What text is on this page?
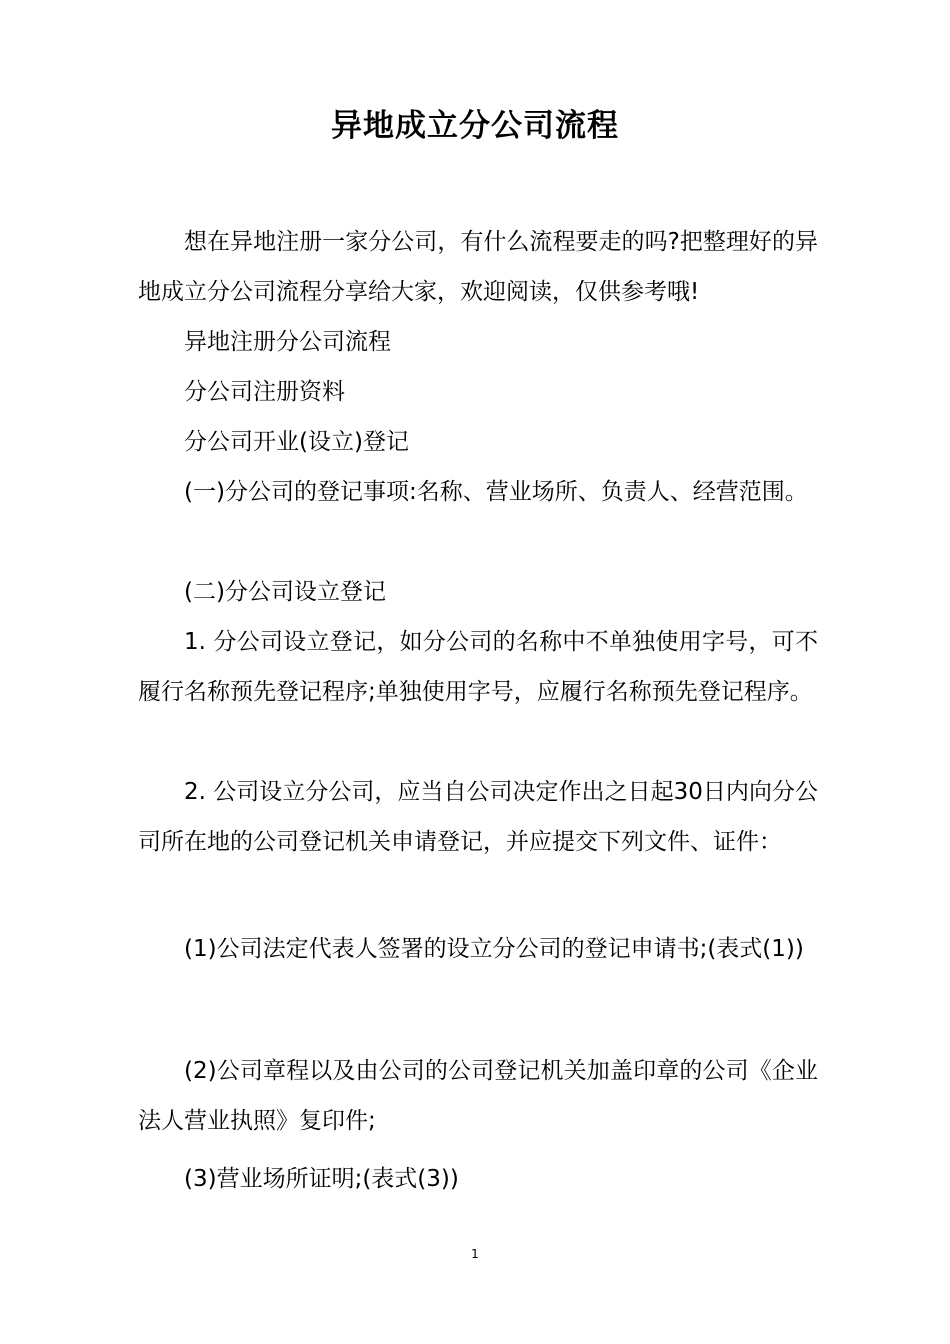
异地成立分公司流程

想在异地注册一家分公司，有什么流程要走的吗?把整理好的异地成立分公司流程分享给大家，欢迎阅读，仅供参考哦!

异地注册分公司流程

分公司注册资料

分公司开业(设立)登记

(一)分公司的登记事项:名称、营业场所、负责人、经营范围。

(二)分公司设立登记

1. 分公司设立登记，如分公司的名称中不单独使用字号，可不履行名称预先登记程序;单独使用字号，应履行名称预先登记程序。

2. 公司设立分公司，应当自公司决定作出之日起30日内向分公司所在地的公司登记机关申请登记，并应提交下列文件、证件：

(1)公司法定代表人签署的设立分公司的登记申请书;(表式(1))

(2)公司章程以及由公司的公司登记机关加盖印章的公司《企业法人营业执照》复印件;

(3)营业场所证明;(表式(3))

1
